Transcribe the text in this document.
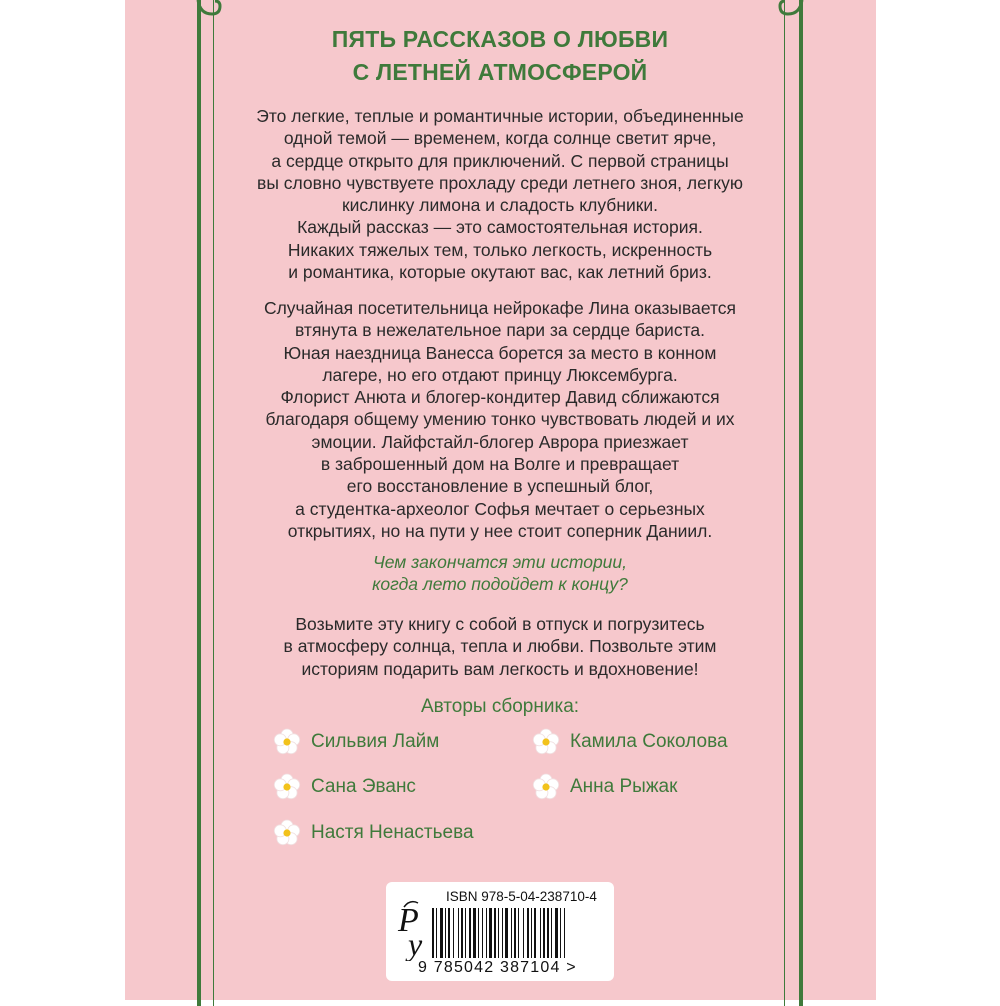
ПЯТЬ РАССКАЗОВ О ЛЮБВИ
С ЛЕТНЕЙ АТМОСФЕРОЙ
Это легкие, теплые и романтичные истории, объединенные
одной темой — временем, когда солнце светит ярче,
а сердце открыто для приключений. С первой страницы
вы словно чувствуете прохладу среди летнего зноя, легкую
кислинку лимона и сладость клубники.
Каждый рассказ — это самостоятельная история.
Никаких тяжелых тем, только легкость, искренность
и романтика, которые окутают вас, как летний бриз.
Случайная посетительница нейрокафе Лина оказывается
втянута в нежелательное пари за сердце бариста.
Юная наездница Ванесса борется за место в конном
лагере, но его отдают принцу Люксембурга.
Флорист Анюта и блогер-кондитер Давид сближаются
благодаря общему умению тонко чувствовать людей и их
эмоции. Лайфстайл-блогер Аврора приезжает
в заброшенный дом на Волге и превращает
его восстановление в успешный блог,
а студентка-археолог Софья мечтает о серьезных
открытиях, но на пути у нее стоит соперник Даниил.
Чем закончатся эти истории,
когда лето подойдет к концу?
Возьмите эту книгу с собой в отпуск и погрузитесь
в атмосферу солнца, тепла и любви. Позвольте этим
историям подарить вам легкость и вдохновение!
Авторы сборника:
Сильвия Лайм	Камила Соколова
Сана Эванс	Анна Рыжак
Настя Ненастьева
Р
у
ISBN 978-5-04-238710-4
9 785042 387104 >
